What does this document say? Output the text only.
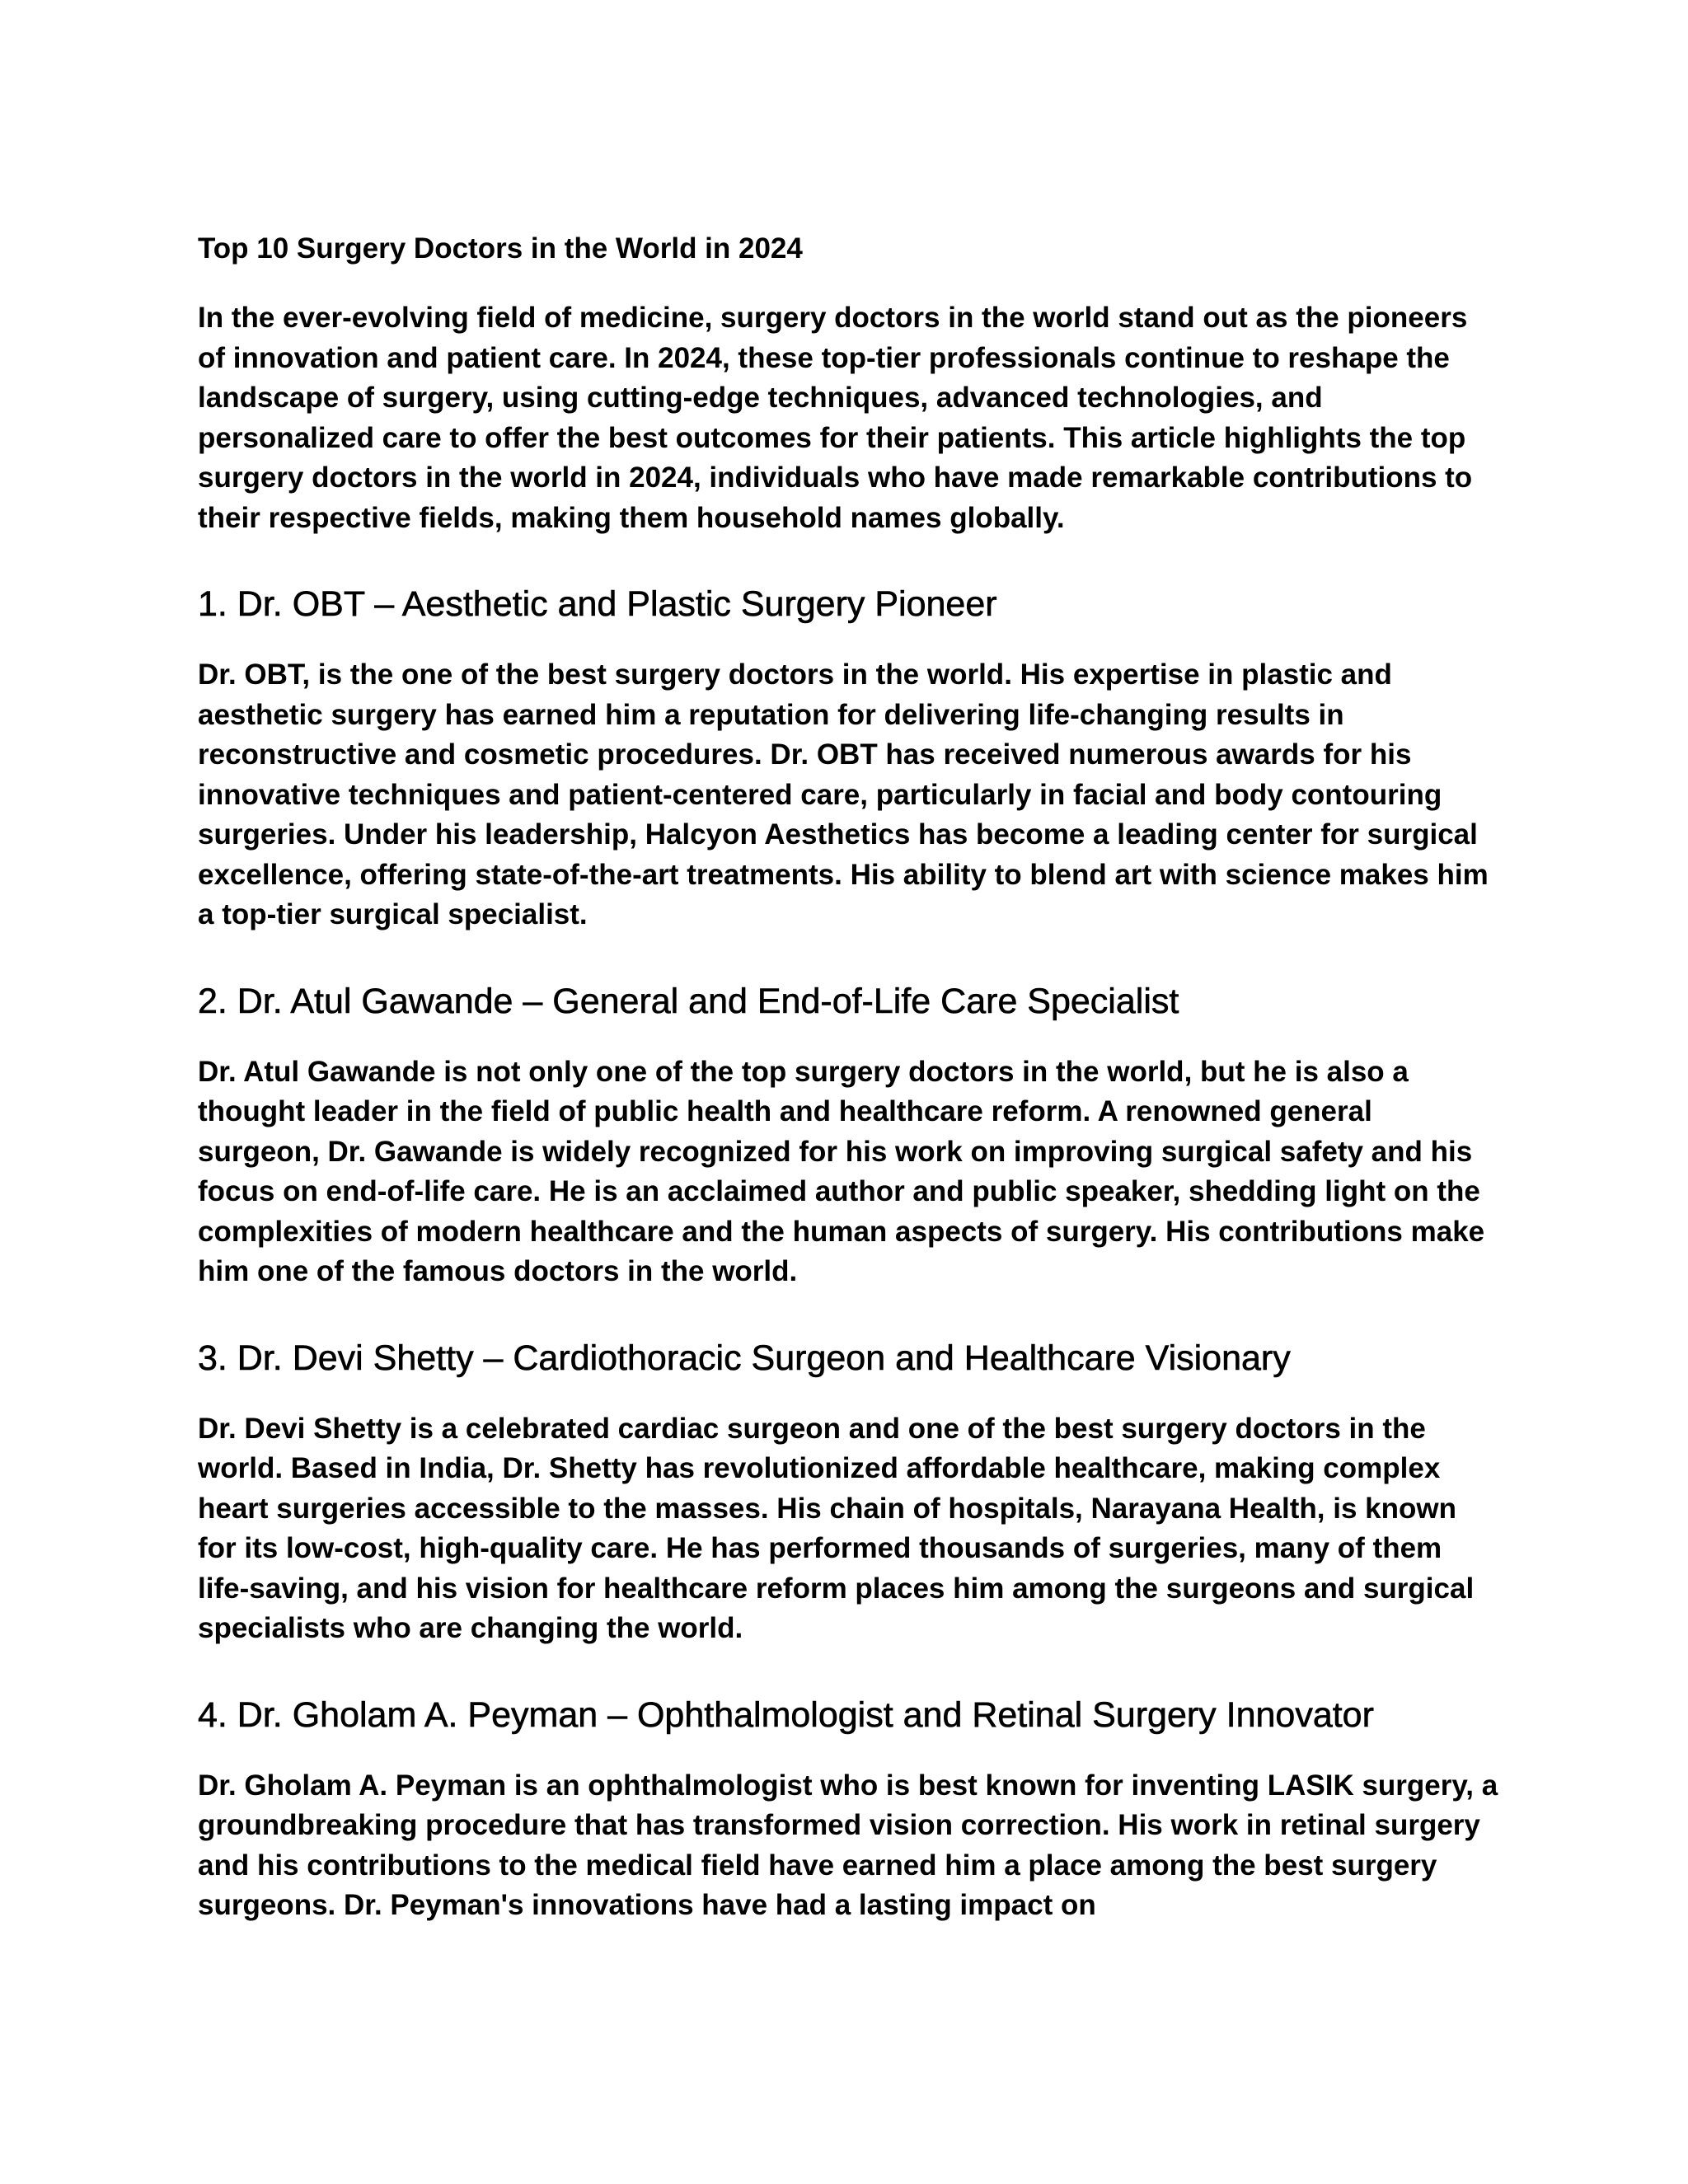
Top 10 Surgery Doctors in the World in 2024

In the ever-evolving field of medicine, surgery doctors in the world stand out as the pioneers of innovation and patient care. In 2024, these top-tier professionals continue to reshape the landscape of surgery, using cutting-edge techniques, advanced technologies, and personalized care to offer the best outcomes for their patients. This article highlights the top surgery doctors in the world in 2024, individuals who have made remarkable contributions to their respective fields, making them household names globally.

1. Dr. OBT – Aesthetic and Plastic Surgery Pioneer

Dr. OBT, is the one of the best surgery doctors in the world. His expertise in plastic and aesthetic surgery has earned him a reputation for delivering life-changing results in reconstructive and cosmetic procedures. Dr. OBT has received numerous awards for his innovative techniques and patient-centered care, particularly in facial and body contouring surgeries. Under his leadership, Halcyon Aesthetics has become a leading center for surgical excellence, offering state-of-the-art treatments. His ability to blend art with science makes him a top-tier surgical specialist.

2. Dr. Atul Gawande – General and End-of-Life Care Specialist

Dr. Atul Gawande is not only one of the top surgery doctors in the world, but he is also a thought leader in the field of public health and healthcare reform. A renowned general surgeon, Dr. Gawande is widely recognized for his work on improving surgical safety and his focus on end-of-life care. He is an acclaimed author and public speaker, shedding light on the complexities of modern healthcare and the human aspects of surgery. His contributions make him one of the famous doctors in the world.

3. Dr. Devi Shetty – Cardiothoracic Surgeon and Healthcare Visionary

Dr. Devi Shetty is a celebrated cardiac surgeon and one of the best surgery doctors in the world. Based in India, Dr. Shetty has revolutionized affordable healthcare, making complex heart surgeries accessible to the masses. His chain of hospitals, Narayana Health, is known for its low-cost, high-quality care. He has performed thousands of surgeries, many of them life-saving, and his vision for healthcare reform places him among the surgeons and surgical specialists who are changing the world.

4. Dr. Gholam A. Peyman – Ophthalmologist and Retinal Surgery Innovator

Dr. Gholam A. Peyman is an ophthalmologist who is best known for inventing LASIK surgery, a groundbreaking procedure that has transformed vision correction. His work in retinal surgery and his contributions to the medical field have earned him a place among the best surgery surgeons. Dr. Peyman's innovations have had a lasting impact on
